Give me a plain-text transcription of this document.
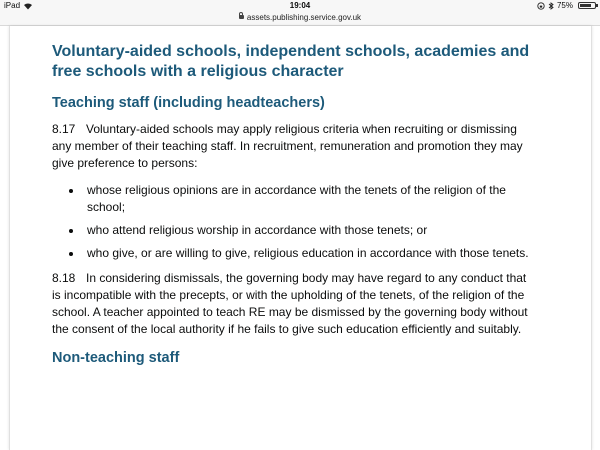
iPad	19:04	75%
assets.publishing.service.gov.uk
Voluntary-aided schools, independent schools, academies and free schools with a religious character
Teaching staff (including headteachers)

8.17 Voluntary-aided schools may apply religious criteria when recruiting or dismissing any member of their teaching staff. In recruitment, remuneration and promotion they may give preference to persons:

whose religious opinions are in accordance with the tenets of the religion of the school;
who attend religious worship in accordance with those tenets; or
who give, or are willing to give, religious education in accordance with those tenets.

8.18 In considering dismissals, the governing body may have regard to any conduct that is incompatible with the precepts, or with the upholding of the tenets, of the religion of the school. A teacher appointed to teach RE may be dismissed by the governing body without the consent of the local authority if he fails to give such education efficiently and suitably.

Non-teaching staff
